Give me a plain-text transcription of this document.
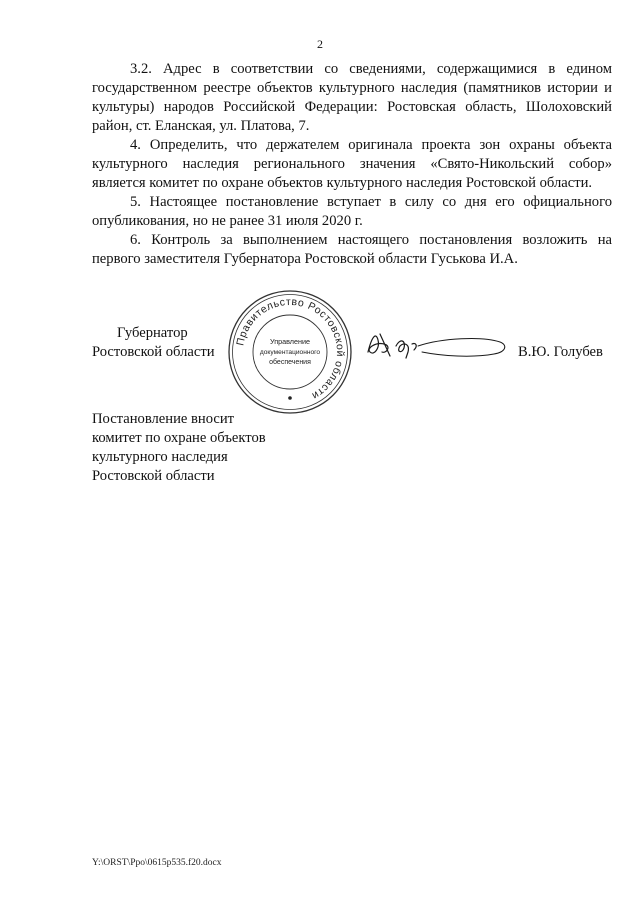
2

3.2. Адрес в соответствии со сведениями, содержащимися в едином государственном реестре объектов культурного наследия (памятников истории и культуры) народов Российской Федерации: Ростовская область, Шолоховский район, ст. Еланская, ул. Платова, 7.

4. Определить, что держателем оригинала проекта зон охраны объекта культурного наследия регионального значения «Свято-Никольский собор» является комитет по охране объектов культурного наследия Ростовской области.

5. Настоящее постановление вступает в силу со дня его официального опубликования, но не ранее 31 июля 2020 г.

6. Контроль за выполнением настоящего постановления возложить на первого заместителя Губернатора Ростовской области Гуськова И.А.

Губернатор
Ростовской области
Правительство Ростовской области
Управление
документационного
обеспечения
В.Ю. Голубев
Постановление вносит
комитет по охране объектов
культурного наследия
Ростовской области
Y:\ORST\Ppo\0615p535.f20.docx
